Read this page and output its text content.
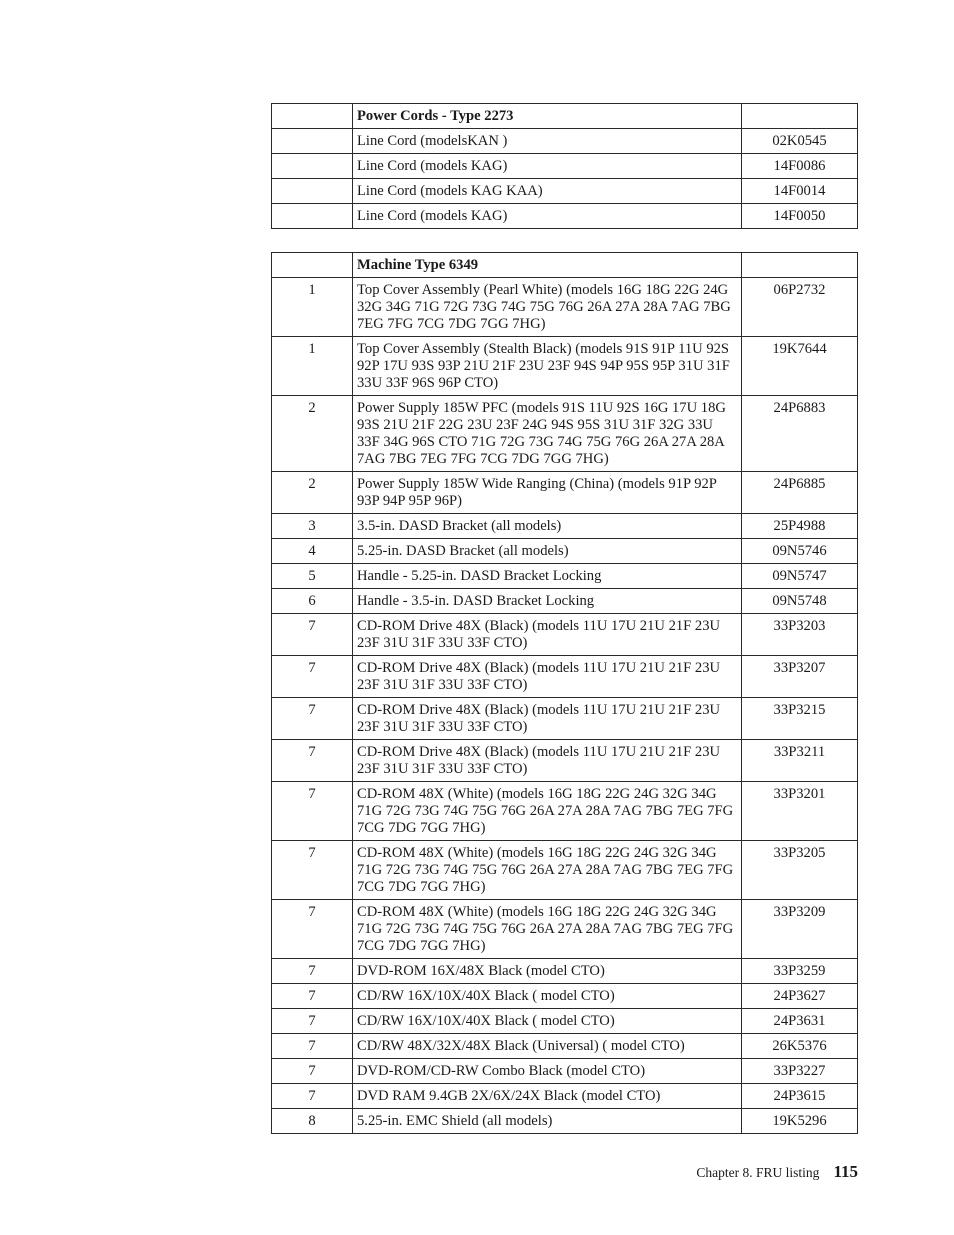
	Power Cords - Type 2273	
	Line Cord (modelsKAN )	02K0545
	Line Cord (models KAG)	14F0086
	Line Cord (models KAG KAA)	14F0014
	Line Cord (models KAG)	14F0050
	Machine Type 6349	
1	Top Cover Assembly (Pearl White) (models 16G 18G 22G 24G 32G 34G 71G 72G 73G 74G 75G 76G 26A 27A 28A 7AG 7BG 7EG 7FG 7CG 7DG 7GG 7HG)	06P2732
1	Top Cover Assembly (Stealth Black) (models 91S 91P 11U 92S 92P 17U 93S 93P 21U 21F 23U 23F 94S 94P 95S 95P 31U 31F 33U 33F 96S 96P CTO)	19K7644
2	Power Supply 185W PFC (models 91S 11U 92S 16G 17U 18G 93S 21U 21F 22G 23U 23F 24G 94S 95S 31U 31F 32G 33U 33F 34G 96S CTO 71G 72G 73G 74G 75G 76G 26A 27A 28A 7AG 7BG 7EG 7FG 7CG 7DG 7GG 7HG)	24P6883
2	Power Supply 185W Wide Ranging (China) (models 91P 92P 93P 94P 95P 96P)	24P6885
3	3.5-in. DASD Bracket (all models)	25P4988
4	5.25-in. DASD Bracket (all models)	09N5746
5	Handle - 5.25-in. DASD Bracket Locking	09N5747
6	Handle - 3.5-in. DASD Bracket Locking	09N5748
7	CD-ROM Drive 48X (Black) (models 11U 17U 21U 21F 23U 23F 31U 31F 33U 33F CTO)	33P3203
7	CD-ROM Drive 48X (Black) (models 11U 17U 21U 21F 23U 23F 31U 31F 33U 33F CTO)	33P3207
7	CD-ROM Drive 48X (Black) (models 11U 17U 21U 21F 23U 23F 31U 31F 33U 33F CTO)	33P3215
7	CD-ROM Drive 48X (Black) (models 11U 17U 21U 21F 23U 23F 31U 31F 33U 33F CTO)	33P3211
7	CD-ROM 48X (White) (models 16G 18G 22G 24G 32G 34G 71G 72G 73G 74G 75G 76G 26A 27A 28A 7AG 7BG 7EG 7FG 7CG 7DG 7GG 7HG)	33P3201
7	CD-ROM 48X (White) (models 16G 18G 22G 24G 32G 34G 71G 72G 73G 74G 75G 76G 26A 27A 28A 7AG 7BG 7EG 7FG 7CG 7DG 7GG 7HG)	33P3205
7	CD-ROM 48X (White) (models 16G 18G 22G 24G 32G 34G 71G 72G 73G 74G 75G 76G 26A 27A 28A 7AG 7BG 7EG 7FG 7CG 7DG 7GG 7HG)	33P3209
7	DVD-ROM 16X/48X Black (model CTO)	33P3259
7	CD/RW 16X/10X/40X Black ( model CTO)	24P3627
7	CD/RW 16X/10X/40X Black ( model CTO)	24P3631
7	CD/RW 48X/32X/48X Black (Universal) ( model CTO)	26K5376
7	DVD-ROM/CD-RW Combo Black (model CTO)	33P3227
7	DVD RAM 9.4GB 2X/6X/24X Black (model CTO)	24P3615
8	5.25-in. EMC Shield (all models)	19K5296
Chapter 8. FRU listing 115
